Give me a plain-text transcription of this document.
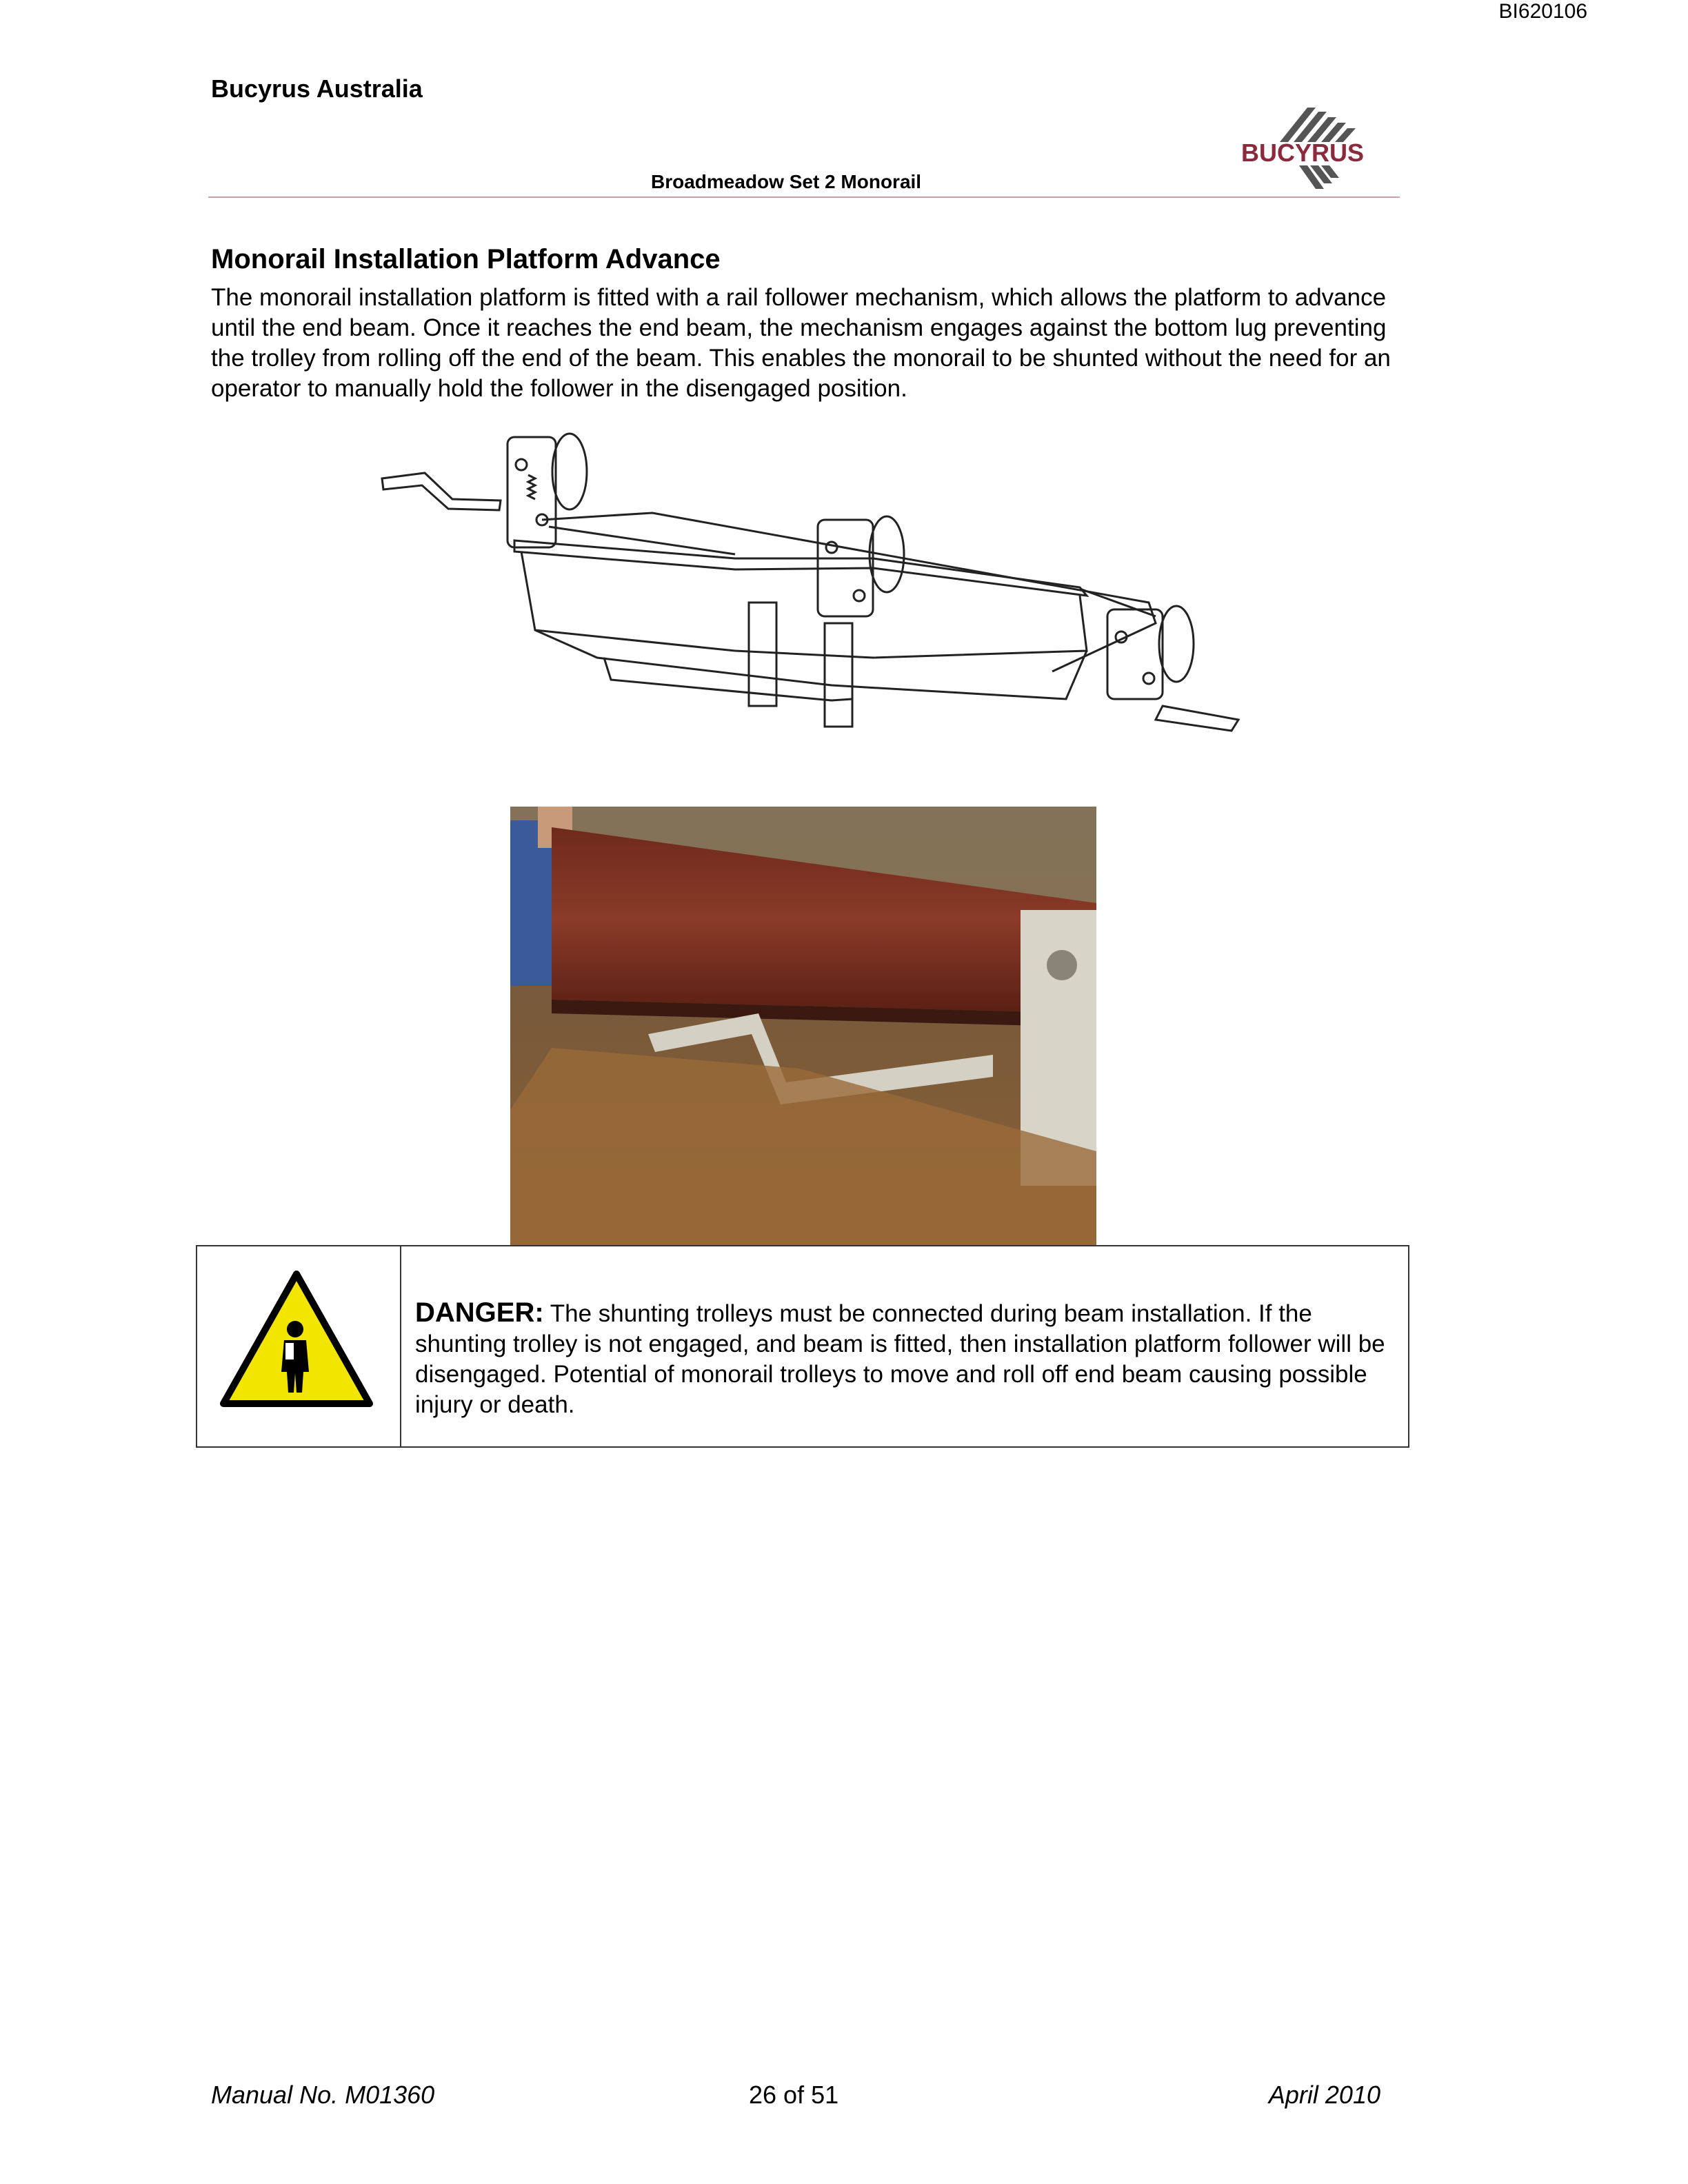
BI620106
Bucyrus Australia
Broadmeadow Set 2 Monorail
BUCYRUS
Monorail Installation Platform Advance
The monorail installation platform is fitted with a rail follower mechanism, which allows the platform to advance until the end beam. Once it reaches the end beam, the mechanism engages against the bottom lug preventing the trolley from rolling off the end of the beam. This enables the monorail to be shunted without the need for an operator to manually hold the follower in the disengaged position.
DANGER: The shunting trolleys must be connected during beam installation. If the shunting trolley is not engaged, and beam is fitted, then installation platform follower will be disengaged. Potential of monorail trolleys to move and roll off end beam causing possible injury or death.
Manual No. M01360	26 of 51	April 2010
